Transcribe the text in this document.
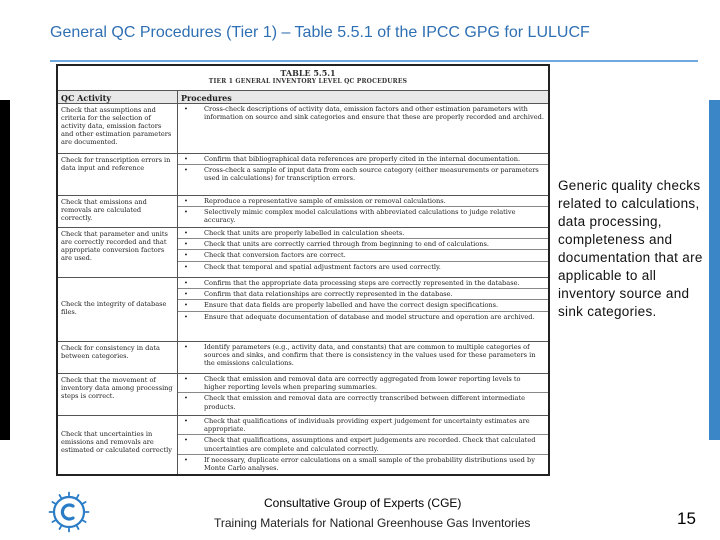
General QC Procedures (Tier 1) – Table 5.5.1 of the IPCC GPG for LULUCF
TABLE 5.5.1
TIER 1 GENERAL INVENTORY LEVEL QC PROCEDURES
QC Activity	Procedures
Check that assumptions and criteria for the selection of activity data, emission factors and other estimation parameters are documented.
• Cross-check descriptions of activity data, emission factors and other estimation parameters with information on source and sink categories and ensure that these are properly recorded and archived.
Check for transcription errors in data input and reference
• Confirm that bibliographical data references are properly cited in the internal documentation.
• Cross-check a sample of input data from each source category (either measurements or parameters used in calculations) for transcription errors.
Check that emissions and removals are calculated correctly.
• Reproduce a representative sample of emission or removal calculations.
• Selectively mimic complex model calculations with abbreviated calculations to judge relative accuracy.
Check that parameter and units are correctly recorded and that appropriate conversion factors are used.
• Check that units are properly labelled in calculation sheets.
• Check that units are correctly carried through from beginning to end of calculations.
• Check that conversion factors are correct.
• Check that temporal and spatial adjustment factors are used correctly.
Check the integrity of database files.
• Confirm that the appropriate data processing steps are correctly represented in the database.
• Confirm that data relationships are correctly represented in the database.
• Ensure that data fields are properly labelled and have the correct design specifications.
• Ensure that adequate documentation of database and model structure and operation are archived.
Check for consistency in data between categories.
• Identify parameters (e.g., activity data, and constants) that are common to multiple categories of sources and sinks, and confirm that there is consistency in the values used for these parameters in the emissions calculations.
Check that the movement of inventory data among processing steps is correct.
• Check that emission and removal data are correctly aggregated from lower reporting levels to higher reporting levels when preparing summaries.
• Check that emission and removal data are correctly transcribed between different intermediate products.
Check that uncertainties in emissions and removals are estimated or calculated correctly
• Check that qualifications of individuals providing expert judgement for uncertainty estimates are appropriate.
• Check that qualifications, assumptions and expert judgements are recorded. Check that calculated uncertainties are complete and calculated correctly.
• If necessary, duplicate error calculations on a small sample of the probability distributions used by Monte Carlo analyses.
Generic quality checks related to calculations, data processing, completeness and documentation that are applicable to all inventory source and sink categories.
Consultative Group of Experts (CGE)
Training Materials for National Greenhouse Gas Inventories	15
